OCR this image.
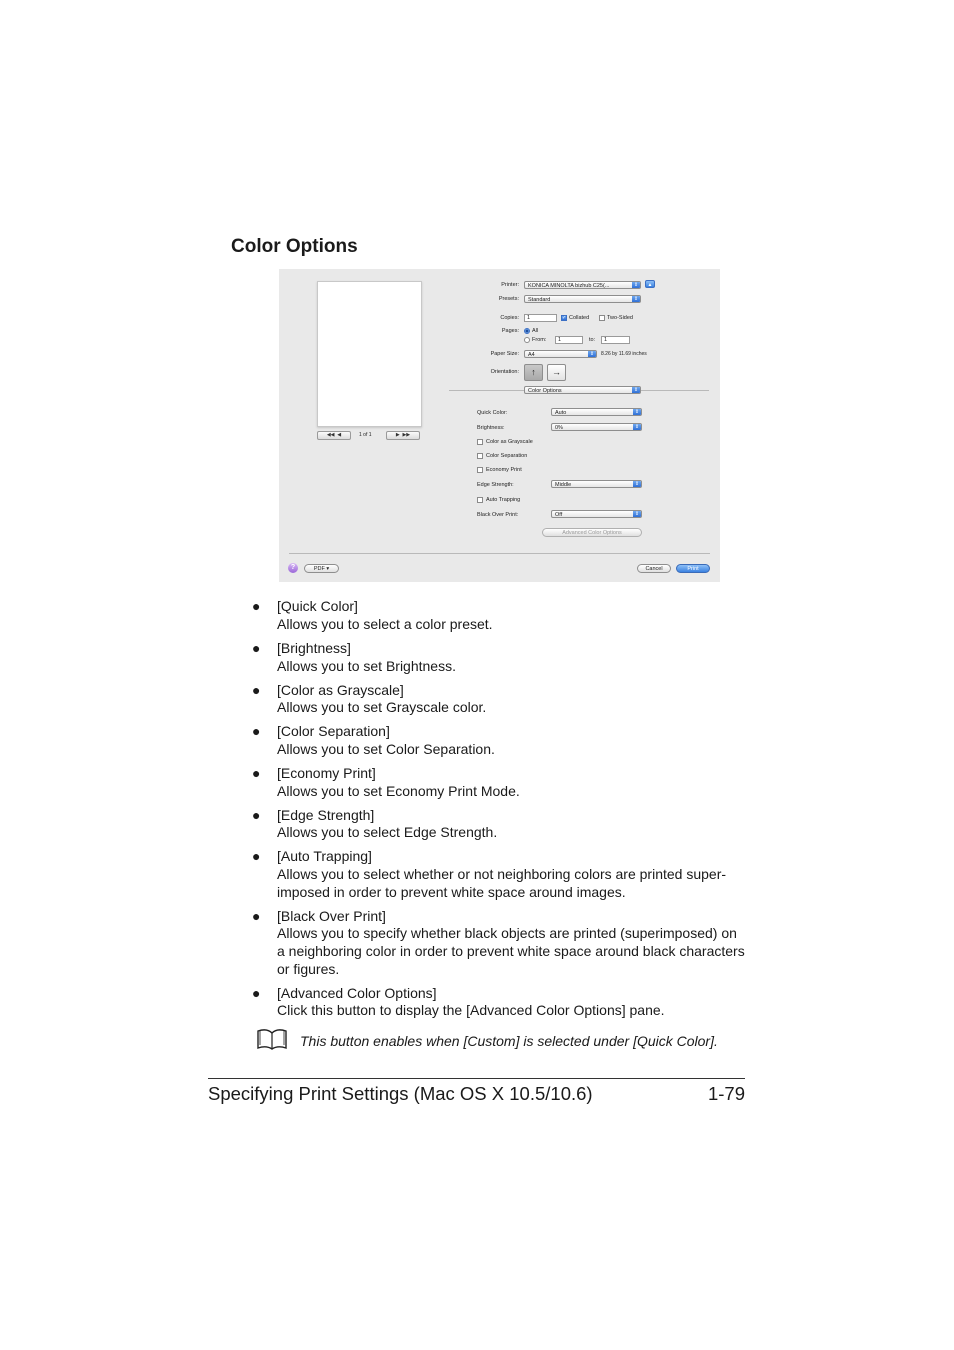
Color Options
◀◀  ◀	1 of 1	▶  ▶▶
Printer:	KONICA MINOLTA bizhub C25(...	⇕	▲
Presets:	Standard	⇕
Copies:	1	✓ Collated	Two-Sided
Pages: All
From:	1	to:	1
Paper Size:	A4	⇕	8.26 by 11.69 inches
Orientation:	↑	→
Color Options	⇕
Quick Color:	Auto	⇕
Brightness:	0%	⇕
Color as Grayscale
Color Separation
Economy Print
Edge Strength:	Middle	⇕
Auto Trapping
Black Over Print:	Off	⇕
Advanced Color Options
?	PDF ▾	Cancel	Print
● [Quick Color]
Allows you to select a color preset.
● [Brightness]
Allows you to set Brightness.
● [Color as Grayscale]
Allows you to set Grayscale color.
● [Color Separation]
Allows you to set Color Separation.
● [Economy Print]
Allows you to set Economy Print Mode.
● [Edge Strength]
Allows you to select Edge Strength.
● [Auto Trapping]
Allows you to select whether or not neighboring colors are printed super-imposed in order to prevent white space around images.
● [Black Over Print]
Allows you to specify whether black objects are printed (superimposed) on a neighboring color in order to prevent white space around black characters or figures.
● [Advanced Color Options]
Click this button to display the [Advanced Color Options] pane.
This button enables when [Custom] is selected under [Quick Color].
Specifying Print Settings (Mac OS X 10.5/10.6)	1-79
